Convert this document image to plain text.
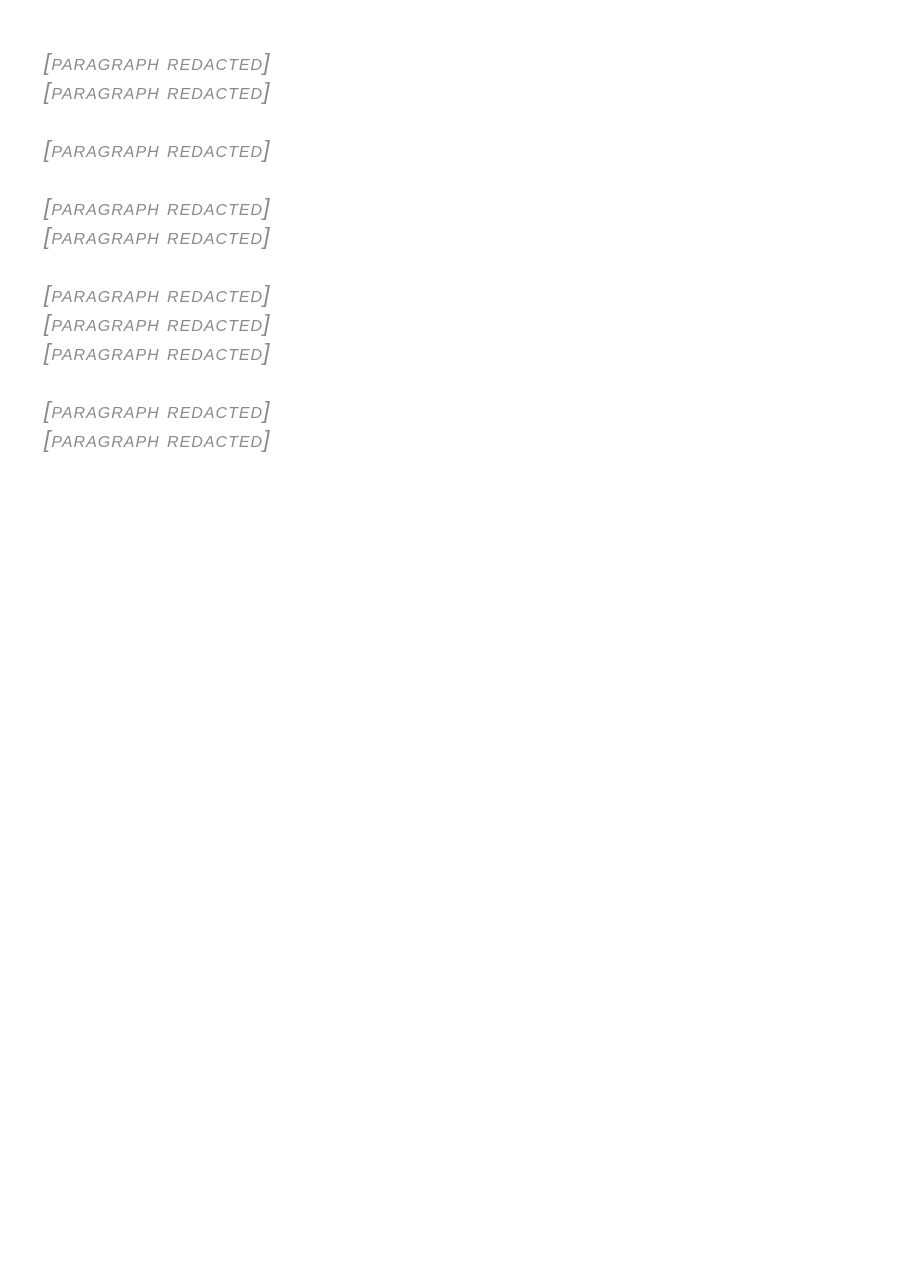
[paragraph redacted]
[paragraph redacted]
[paragraph redacted]
[paragraph redacted]
[paragraph redacted]
[paragraph redacted]
[paragraph redacted]
[paragraph redacted]
[paragraph redacted]
[paragraph redacted]
